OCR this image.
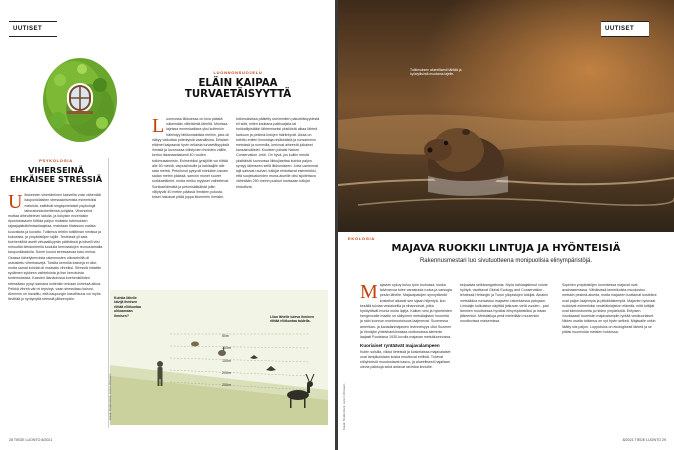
UUTISET
PSYKOLOGIA
VIHERSEINÄ
EHKÄISEE STRESSIÄ
U lkoseinien vihertäminen kasveilla voisi vähentää kaupunkilaisten stressaantumista esimerkiksi meluista, esittävät singaporelaiset psykologit laboratoriokokeittensa pohjalta. Viherseinä muttaa aiheuttelevin ladulla, ja kokyisin ecceriaisin ripustustaviorin tötttäa paljon muitakin tutkmuksen rajaajajaitutkilmtaarlaajelaa, maintaan tilaissuus maista kuuvakota ja kuvattu. Tutkimus tehtiin tutkitiinan nimissa ja kokoeista, ja ympäristöjen lajille. Testeissä yli sata koehenkilöä asetti virtuaalikyprän päähänsä ja kävelli viisi minuuttia tietokoneella luodulla kerrostalojen reunustamalla kaupunkikadulla. Some kuulut stressaavaa katu-melua. Osassa kävelykerroista rakennusten ulkoseinillä oli ositustettu viherkasvejä. Toisilla kerroilla kasveja ei ollut, mutta samat kohdat oli maalattu vihreiksi. Stressiä mitattiin sydämen sykkeen vaihteluista ja itse kerrotuista tuntemuksista. Kasvien läsnäolossa koehenkilöiden stressitaso pysyi samana kuitenkin enkaan kohessä alkua. Pelkkä vihreä väri ei tepsinyt, vaan stressitaso kohosi. Aiemmin on havaittu, että kaupungin kasvillisuus voi myös lievittää jo syntynyttä stressiä jälkeenpäin.
LUONNONSUOJELU
ELÄIN KAIPAA
TURVAETÄISYYTTÄ
L uonnossa liikkuessa on kiva päästä näkemään villieläimiä läheltä. Monissa lajeissa ennenkaikkea yksi kuitenkin häiriintyy lähikontaktista meihin, joka oli näkyy vaikuttaa pidentyisiä vaarallisina. Erilaiset eläimet kaipaavat hyvin erilaisia turvaetäisyyksiä ihmisiä ja luonnossa viilistyvien ihmisten välille, kertoo läsanaanlaisesti 40 ruoden tutkimusaineisto. Esimerkiksi jyrsijöille voi riittää alle 50 metriä, varpuslintuille ja kahlaajille alle sata metriä. Petolinnut pysyvät mieluiten useam sadan metrin päässä, samoin monet suuret sorkkaeläimet, mutta melko myykset vaihtelevat. Sorkkaeläimistä ja petonisäkkäistä joltin villiytyvät 40 metrin päässä ihmisten polusta, toiset haluavat pitää joppa kilometrin ihmisiin.
tutkimuksissa päätelty useimmiten pakoetäisyydestä eli siitä, miten kaukana paitkoajista tai turkkailipistäkin lähtemiseksi yksilöistä alkaa lähteä karkuun ja pesimä-lintujen häiriintyvät. Aissa on tutkittu eniten linnustaja nisäkkäistä ja runsaimmin metsissä ja nummilla, kertovat aiheestä julkaiset kansainvälistet. Kooisten julkaisi Nature Conservation -lehti. On hyvä, jos kulkin mestä yksittäistä luonnossa liikkujiaettaa kuinka paljon syntyy läheiseen sellä liikkumiseen. Jotta useimmat lajit saisivat rauhan, tutkijat ehdottavat esimerkiksi, että suojelualueiden reuna-alueille olisi sijoitettava vähintään 250 metrin puskuri tosissaan tutkijat ehdottivat.
Kuinka lähelle kävijä ihmisen riittää eliökuntaa uhkaamaan ihmisen?	Liian lähelle tuleva ihminen riittää eliökuntaa taidella.
50m
100m
150m
200m
250m
Kuvat: Shutterstock, Lumon Olmaven
28 TIEDE LUONTO 8/2021
Tutkimuksen alueellisesti tähtää ja hyödyllisintä muutama lajelle.
UUTISET
EKOLOGIA
MAJAVA RUOKKII LINTUJA JA HYÖNTEISIÄ
Rakennusmestari luo sivutuotteena monipuolisia elinympäristöjä.
M ajavien sykoy kuluu työn touhussa, koska talvivarvoa tulee varastoida ruoka-ja varsogia pesän lähelle. Majavapatojen synnyttämät kosteikot alkavat sen sijaan hiljentyä, kun kesällä tulviaa vesialueilla ja vihannoivat, jotka hyödyttävät monia muita lajeja. Kaiken vesi ja hyönteisten hengenvalle maalle on säilyneen metsälajiston huoneita ja näin luonnon monimuotoisuus laajenevat. Suomessa amerikan- ja kanadanmajavien levinneisyys ollut Suomen ja Venäjän yhteishankinnassa ulottumassa aiemmin laajasti Ruotsissa 1930-luvulla majavan metsäluonnossa.
Kuoriaiset ryntäävät majavalampeen
Kuten soisilla, vikkoi lieteissä ja koskelaissa majavalaiset ovat lampikoistaan koska muuttuvat erillisiä. Tulvivat eliöyhteisöt muodostavat kasvu- ja alueellisesti hajallaan olevia paikkoja sekä antavat ravintoa linnuille.
kelpaavia selkärangattomia. Myös kahlaajalinnut voivat hyötyä, osoittavat Global Ecology and Conservation -lehdessä Helsingin ja Turun yliopistojen tutkijat. Ainakin metsäkiloa runsastuu majavien rakentaessa patojaan. Lintulajin kulkuiston näyttää jatkuvan vielä vuoden - pari lammen muuttuessa hyväksi elinympäristöksi ja tulvan jälkeenkin. Metsäkiloja pesii mielellään muutenkin muuttuvissa maisemissa.
Sopivien ympäristöjen luomisessa majavat ovat avainasemassa. Vähäisissä lammikoista muodostuu metsäin pesimä-alueita, mutta majavien tuottamat kosteikot ovat paljon laajempia ja pitkäikäisempiä. Majavien työmaat ruokkivat esimerkiksi vesieläinlajiston elämää, mitä tutkijat ovat kiinnostuneita ja niiden ympäristöä. Erityisen innokkaasti tuoreisiin majavalampiin ryntää vesikuoriaiset. Niiden osalta tutkimus on nyt hyvin selkeä. Majavalle onkin lisätty siis paljon. Lopputulos on ekologisesti tärkeä ja se pitäisi huomioida metsien hoidossa.
Kuvat: Shutterstock, Lumon Olmaven
8/2021 TIEDE LUONTO 29
